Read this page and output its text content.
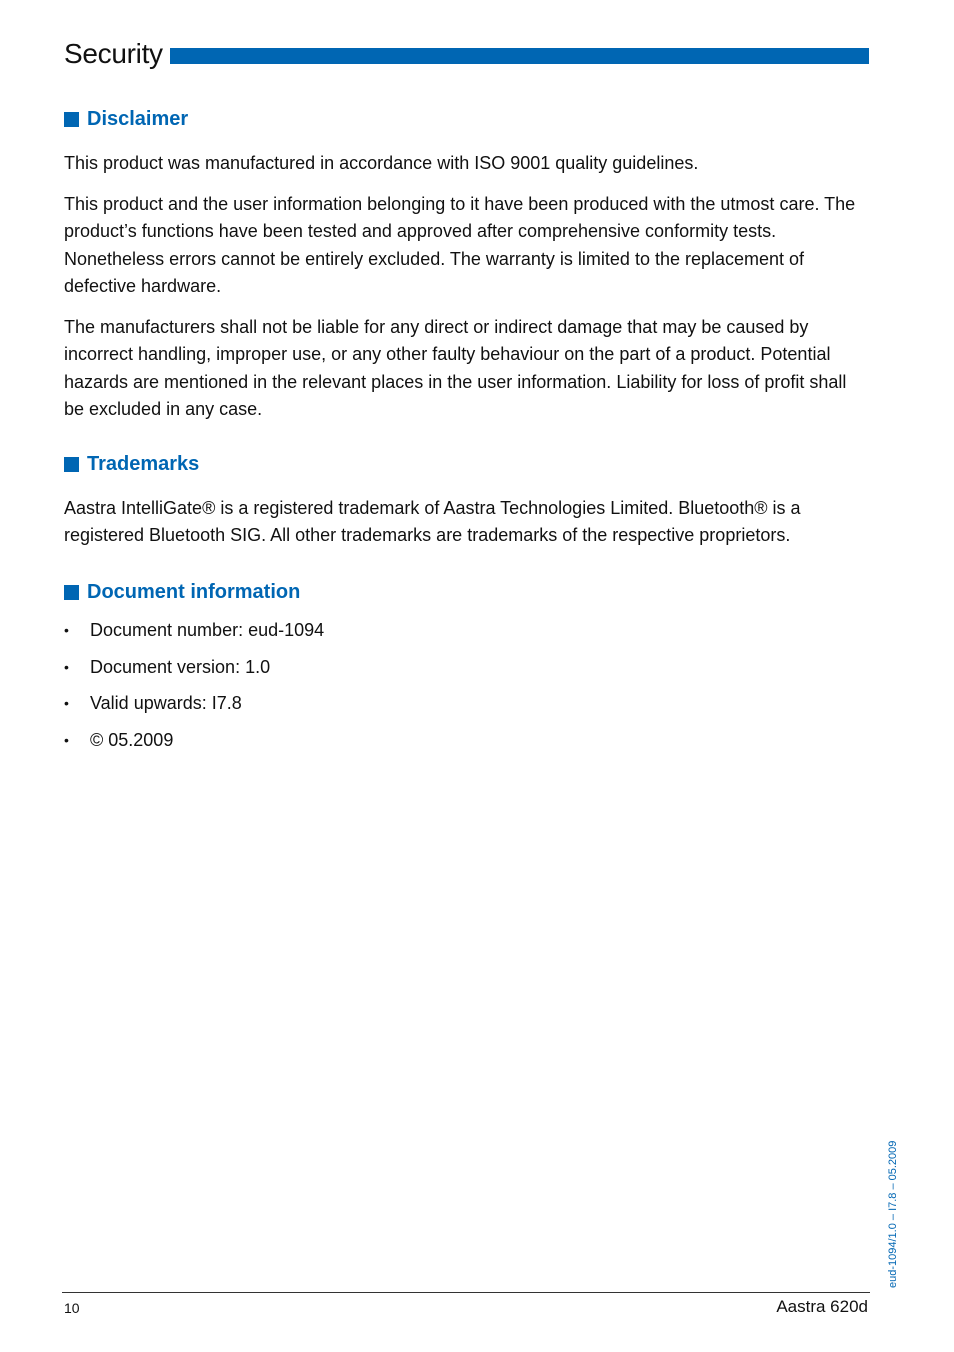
Security
Disclaimer

This product was manufactured in accordance with ISO 9001 quality guidelines.

This product and the user information belonging to it have been produced with the utmost care. The product’s functions have been tested and approved after comprehensive conformity tests. Nonetheless errors cannot be entirely excluded. The warranty is limited to the replacement of defective hardware.

The manufacturers shall not be liable for any direct or indirect damage that may be caused by incorrect handling, improper use, or any other faulty behaviour on the part of a product. Potential hazards are mentioned in the relevant places in the user information. Liability for loss of profit shall be excluded in any case.

Trademarks

Aastra IntelliGate® is a registered trademark of Aastra Technologies Limited. Bluetooth® is a registered Bluetooth SIG. All other trademarks are trademarks of the respective proprietors.

Document information
• Document number: eud-1094
• Document version: 1.0
• Valid upwards: I7.8
• © 05.2009
eud-1094/1.0 – I7.8 – 05.2009
10	Aastra 620d
